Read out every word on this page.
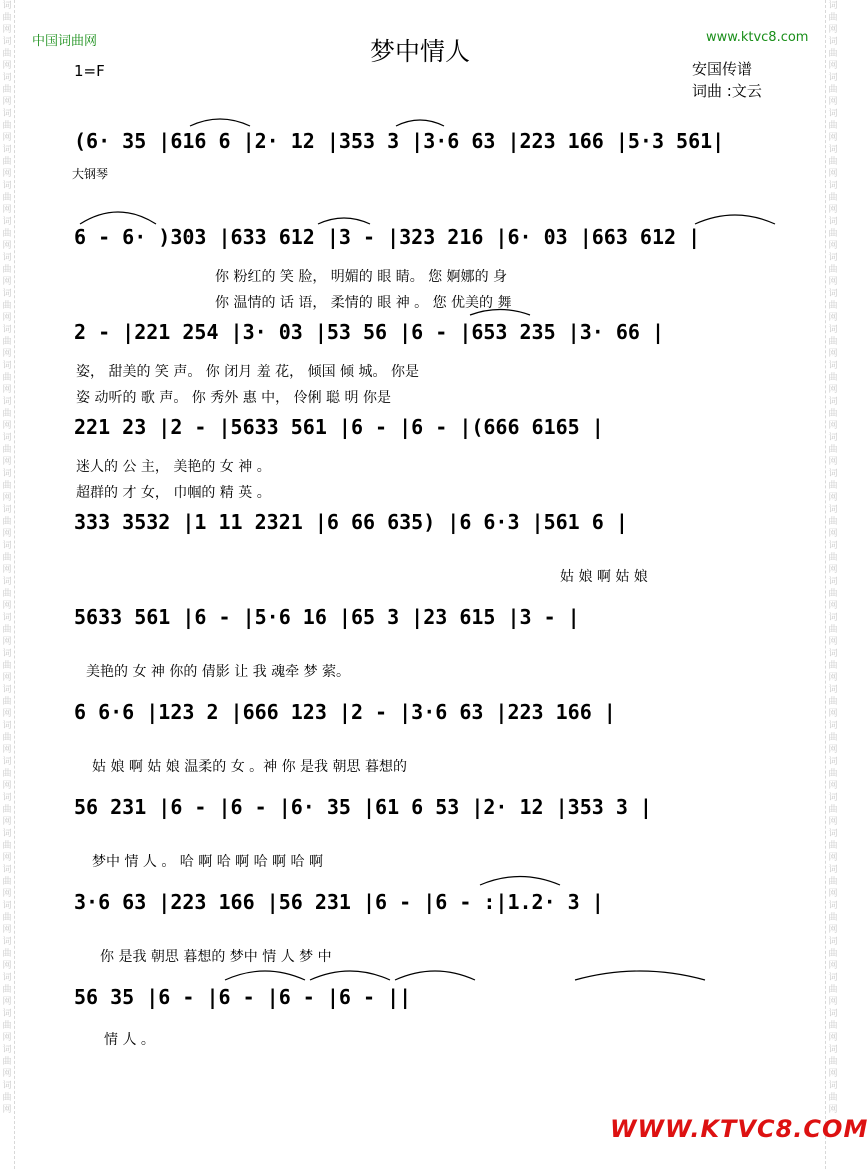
词曲网词曲网词曲网词曲网词曲网词曲网词曲网词曲网词曲网词曲网词曲网词曲网词曲网词曲网词曲网词曲网词曲网词曲网词曲网词曲网词曲网词曲网词曲网词曲网词曲网词曲网词曲网词曲网词曲网词曲网词曲网
词曲网词曲网词曲网词曲网词曲网词曲网词曲网词曲网词曲网词曲网词曲网词曲网词曲网词曲网词曲网词曲网词曲网词曲网词曲网词曲网词曲网词曲网词曲网词曲网词曲网词曲网词曲网词曲网词曲网词曲网词曲网
中国词曲网	www.ktvc8.com
梦中情人
1=F	安国传谱
词曲 :文云
大钢琴
(6· 35 |616 6 |2· 12 |353 3 |3·6 63 |223 166 |5·3 561|
6 - 6· )303 |633 612 |3 - |323 216 |6· 03 |663 612 |
你 粉红的 笑 脸， 明媚的 眼 睛。 您 婀娜的 身
你 温情的 话 语， 柔情的 眼 神 。 您 优美的 舞
2 - |221 254 |3· 03 |53 56 |6 - |653 235 |3· 66 |
姿， 甜美的 笑 声。 你 闭月 羞 花， 倾国 倾 城。 你是
姿 动听的 歌 声。 你 秀外 惠 中， 伶俐 聪 明 你是
221 23 |2 - |5633 561 |6 - |6 - |(666 6165 |
迷人的 公 主， 美艳的 女 神 。
超群的 才 女， 巾帼的 精 英 。
333 3532 |1 11 2321 |6 66 635) |6 6·3 |561 6 |
姑 娘 啊 姑 娘
5633 561 |6 - |5·6 16 |65 3 |23 615 |3 - |
美艳的 女 神 你的 倩影 让 我 魂牵 梦 萦。
6 6·6 |123 2 |666 123 |2 - |3·6 63 |223 166 |
姑 娘 啊 姑 娘 温柔的 女 。神 你 是我 朝思 暮想的
56 231 |6 - |6 - |6· 35 |61 6 53 |2· 12 |353 3 |
梦中 情 人 。 哈 啊 哈 啊 哈 啊 哈 啊
3·6 63 |223 166 |56 231 |6 - |6 - :|1.2· 3 |
你 是我 朝思 暮想的 梦中 情 人 梦 中
56 35 |6 - |6 - |6 - |6 - ||
情 人 。
WWW.KTVC8.COM
